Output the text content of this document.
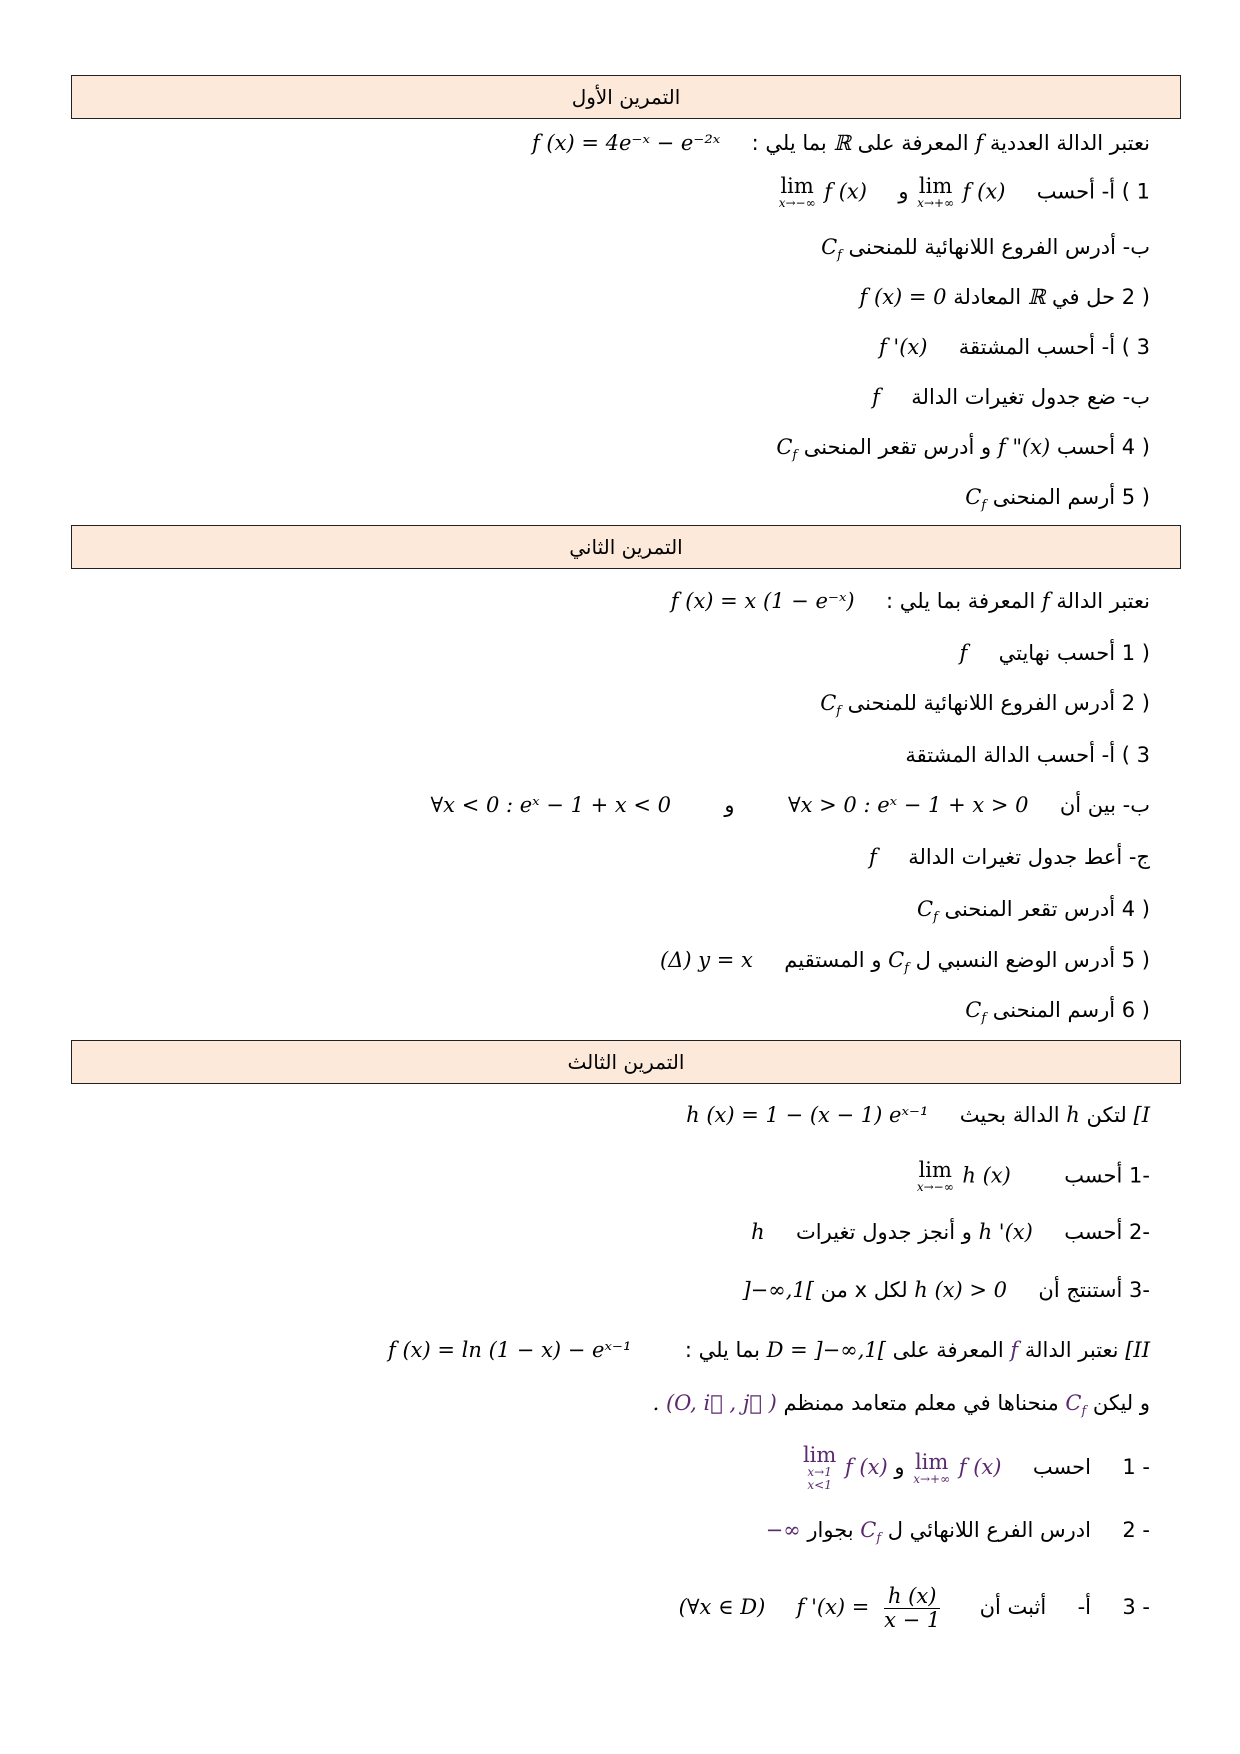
التمرين الأول
f (x) = 4e⁻ˣ − e⁻²ˣ بما يلي : ℝ المعرفة على f نعتبر الدالة العددية
lim
x→−∞ f (x) و lim
x→+∞ f (x) أحسب 1 ) أ-
$C_f$ ب- أدرس الفروع اللانهائية للمنحنى
f (x) = 0 المعادلة ℝ حل في 2 )
f '(x) أحسب المشتقة 3 ) أ-
f ب- ضع جدول تغيرات الدالة
$C_f$ و أدرس تقعر المنحنى f "(x) أحسب 4 )
$C_f$ أرسم المنحنى 5 )
التمرين الثاني
f (x) = x (1 − e⁻ˣ) المعرفة بما يلي : f نعتبر الدالة
f أحسب نهايتي 1 )
$C_f$ أدرس الفروع اللانهائية للمنحنى 2 )
أحسب الدالة المشتقة 3 ) أ-
∀x < 0 : eˣ − 1 + x < 0	و	∀x > 0 : eˣ − 1 + x > 0 ب- بين أن
f ج- أعط جدول تغيرات الدالة
$C_f$ أدرس تقعر المنحنى 4 )
(Δ) y = x و المستقيم $C_f$ أدرس الوضع النسبي ل 5 )
$C_f$ أرسم المنحنى 6 )
التمرين الثالث
h (x) = 1 − (x − 1) eˣ⁻¹ الدالة بحيث h لتكن [I
lim
x→−∞ h (x)	أحسب 1-
h و أنجز جدول تغيرات h '(x) أحسب 2-
]−∞,1[ لكل x من h (x) > 0 أستنتج أن 3-
f (x) = ln (1 − x) − eˣ⁻¹	بما يلي : D = ]−∞,1[ المعرفة على f نعتبر الدالة [II
. (O, i⃗ , j⃗ ) منحناها في معلم متعامد ممنظم $C_f$ و ليكن
lim
x→1
x<1
f (x) و lim
x→+∞ f (x) احسب 1 -
−∞ بجوار $C_f$ ادرس الفرع اللانهائي ل 2 -
(∀x ∈ D) f '$(x) = \frac{h (x)}{x - 1}$ أثبت أن أ- 3 -
